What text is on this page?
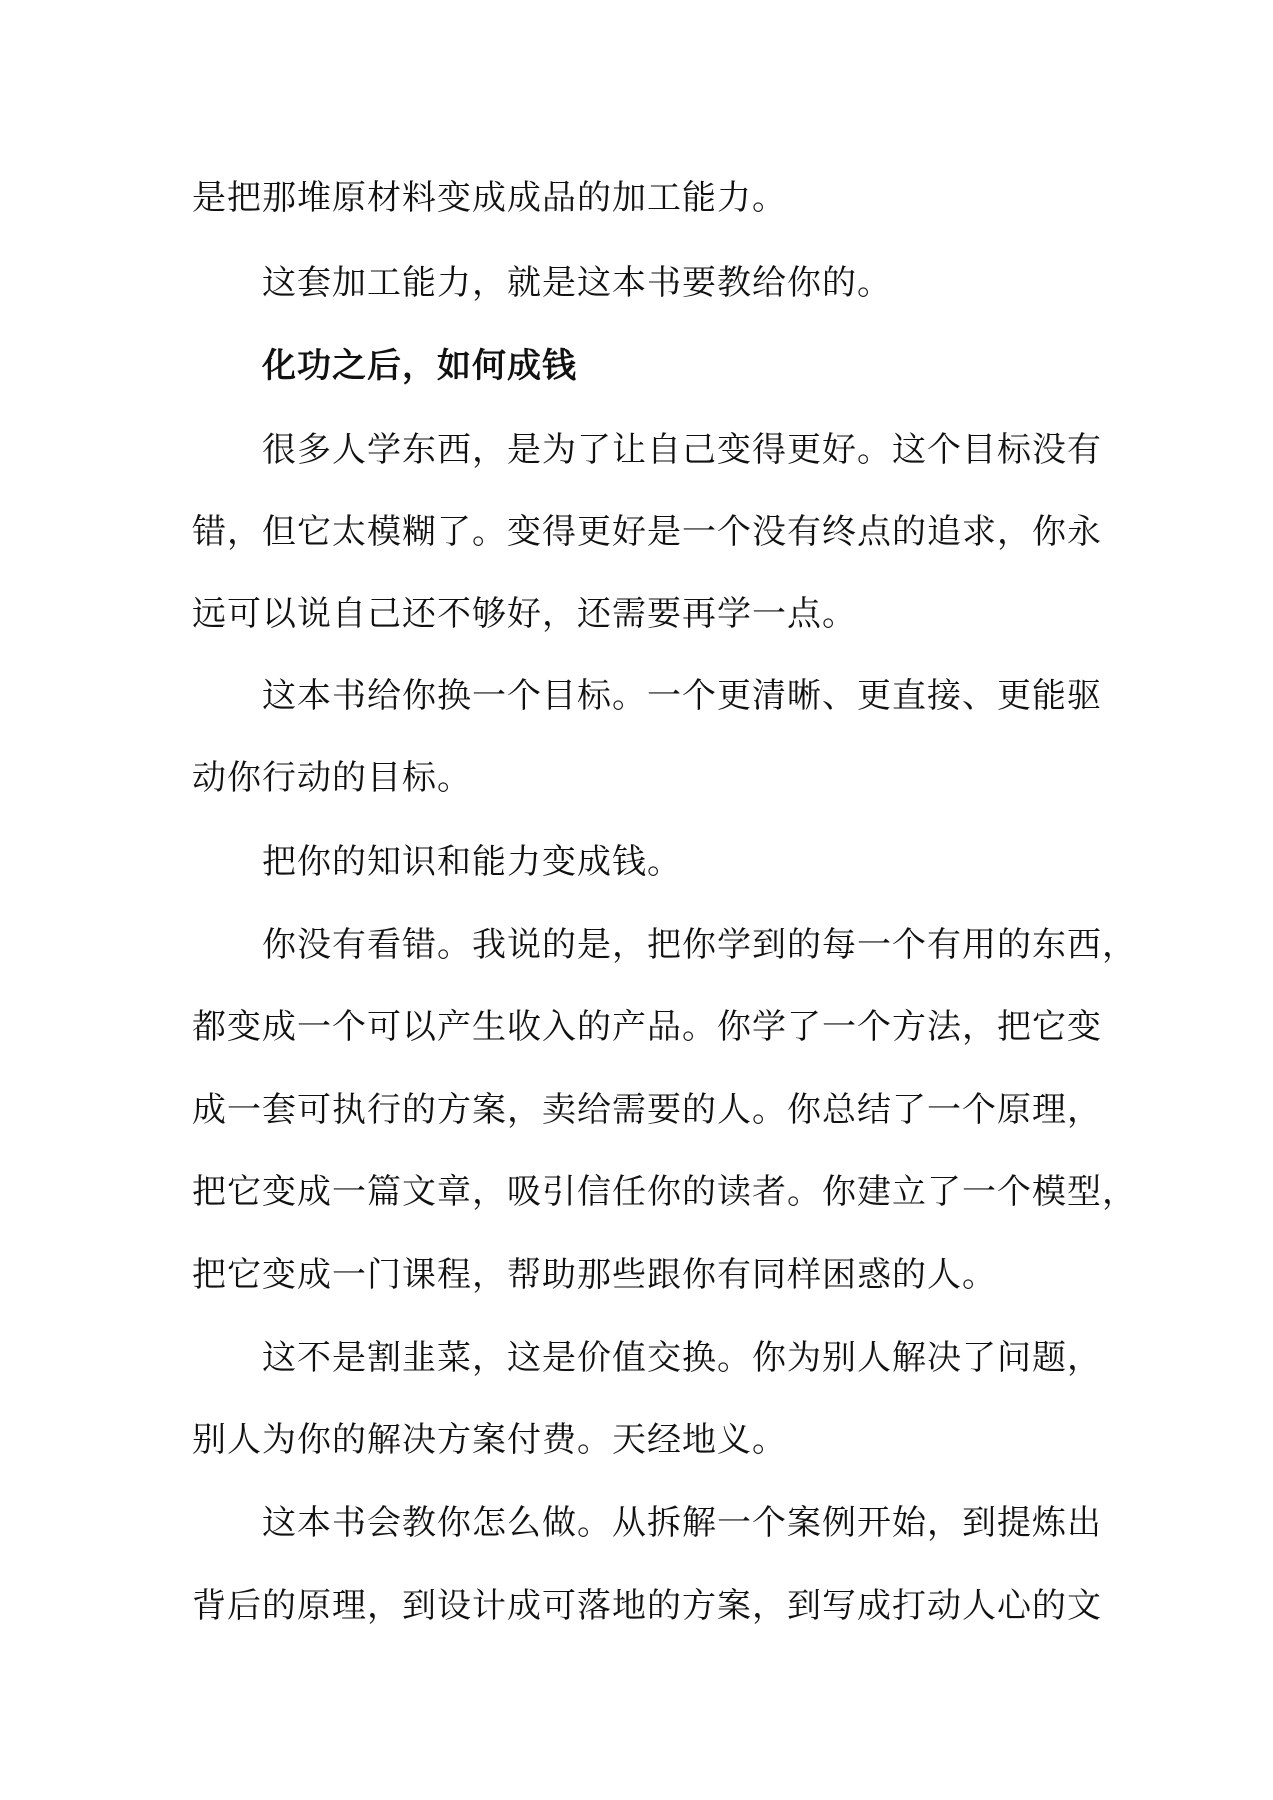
是把那堆原材料变成成品的加工能力。
这套加工能力，就是这本书要教给你的。
化功之后，如何成钱
很多人学东西，是为了让自己变得更好。这个目标没有
错，但它太模糊了。变得更好是一个没有终点的追求，你永
远可以说自己还不够好，还需要再学一点。
这本书给你换一个目标。一个更清晰、更直接、更能驱
动你行动的目标。
把你的知识和能力变成钱。
你没有看错。我说的是，把你学到的每一个有用的东西，
都变成一个可以产生收入的产品。你学了一个方法，把它变
成一套可执行的方案，卖给需要的人。你总结了一个原理，
把它变成一篇文章，吸引信任你的读者。你建立了一个模型，
把它变成一门课程，帮助那些跟你有同样困惑的人。
这不是割韭菜，这是价值交换。你为别人解决了问题，
别人为你的解决方案付费。天经地义。
这本书会教你怎么做。从拆解一个案例开始，到提炼出
背后的原理，到设计成可落地的方案，到写成打动人心的文
